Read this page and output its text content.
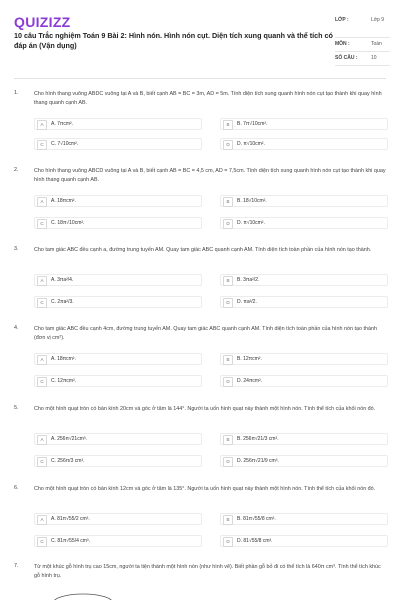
QUIZIZZ
10 câu Trắc nghiệm Toán 9 Bài 2: Hình nón. Hình nón cụt. Diện tích xung quanh và thể tích có đáp án (Vận dụng)
LỚP :	Lớp 9
MÔN :	Toán
SỐ CÂU :	10
1.	Cho hình thang vuông ABDC vuông tại A và B, biết cạnh AB = BC = 3m, AD = 5m. Tính diện tích xung quanh hình nón cụt tạo thành khi quay hình thang quanh cạnh AB.
A	A. 7πcm².	B	B. 7π√10cm².
C	C. 7√10cm².	D	D. π√10cm².
2.	Cho hình thang vuông ABCD vuông tại A và B, biết cạnh AB = BC = 4,5 cm, AD = 7,5cm. Tính diện tích xung quanh hình nón cụt tạo thành khi quay hình thang quanh cạnh AB.
A	A. 18πcm².	B	B. 18√10cm².
C	C. 18π√10cm².	D	D. π√10cm².
3.	Cho tam giác ABC đều cạnh a, đường trung tuyến AM. Quay tam giác ABC quanh cạnh AM. Tính diện tích toàn phần của hình nón tạo thành.
A	A. 3πa²/4.	B	B. 3πa²/2.
C	C. 2πa²/3.	D	D. πa²/2.
4.	Cho tam giác ABC đều cạnh 4cm, đường trung tuyến AM. Quay tam giác ABC quanh cạnh AM. Tính diện tích toàn phần của hình nón tạo thành (đơn vị cm²).
A	A. 18πcm².	B	B. 12πcm².
C	C. 12πcm².	D	D. 24πcm².
5.	Cho một hình quạt tròn có bán kính 20cm và góc ở tâm là 144°. Người ta uốn hình quạt này thành một hình nón. Tính thể tích của khối nón đó.
A	A. 256π√21cm³.	B	B. 256π√21/3 cm³.
C	C. 256π/3 cm³.	D	D. 256π√21/9 cm³.
6.	Cho một hình quạt tròn có bán kính 12cm và góc ở tâm là 135°. Người ta uốn hình quạt này thành một hình nón. Tính thể tích của khối nón đó.
A	A. 81π√55/2 cm³.	B	B. 81π√55/8 cm³.
C	C. 81π√55/4 cm³.	D	D. 81√55/8 cm³.
7.	Từ một khúc gỗ hình trụ cao 15cm, người ta tiện thành một hình nón (như hình vẽ). Biết phần gỗ bỏ đi có thể tích là 640π cm³. Tính thể tích khúc gỗ hình trụ.
